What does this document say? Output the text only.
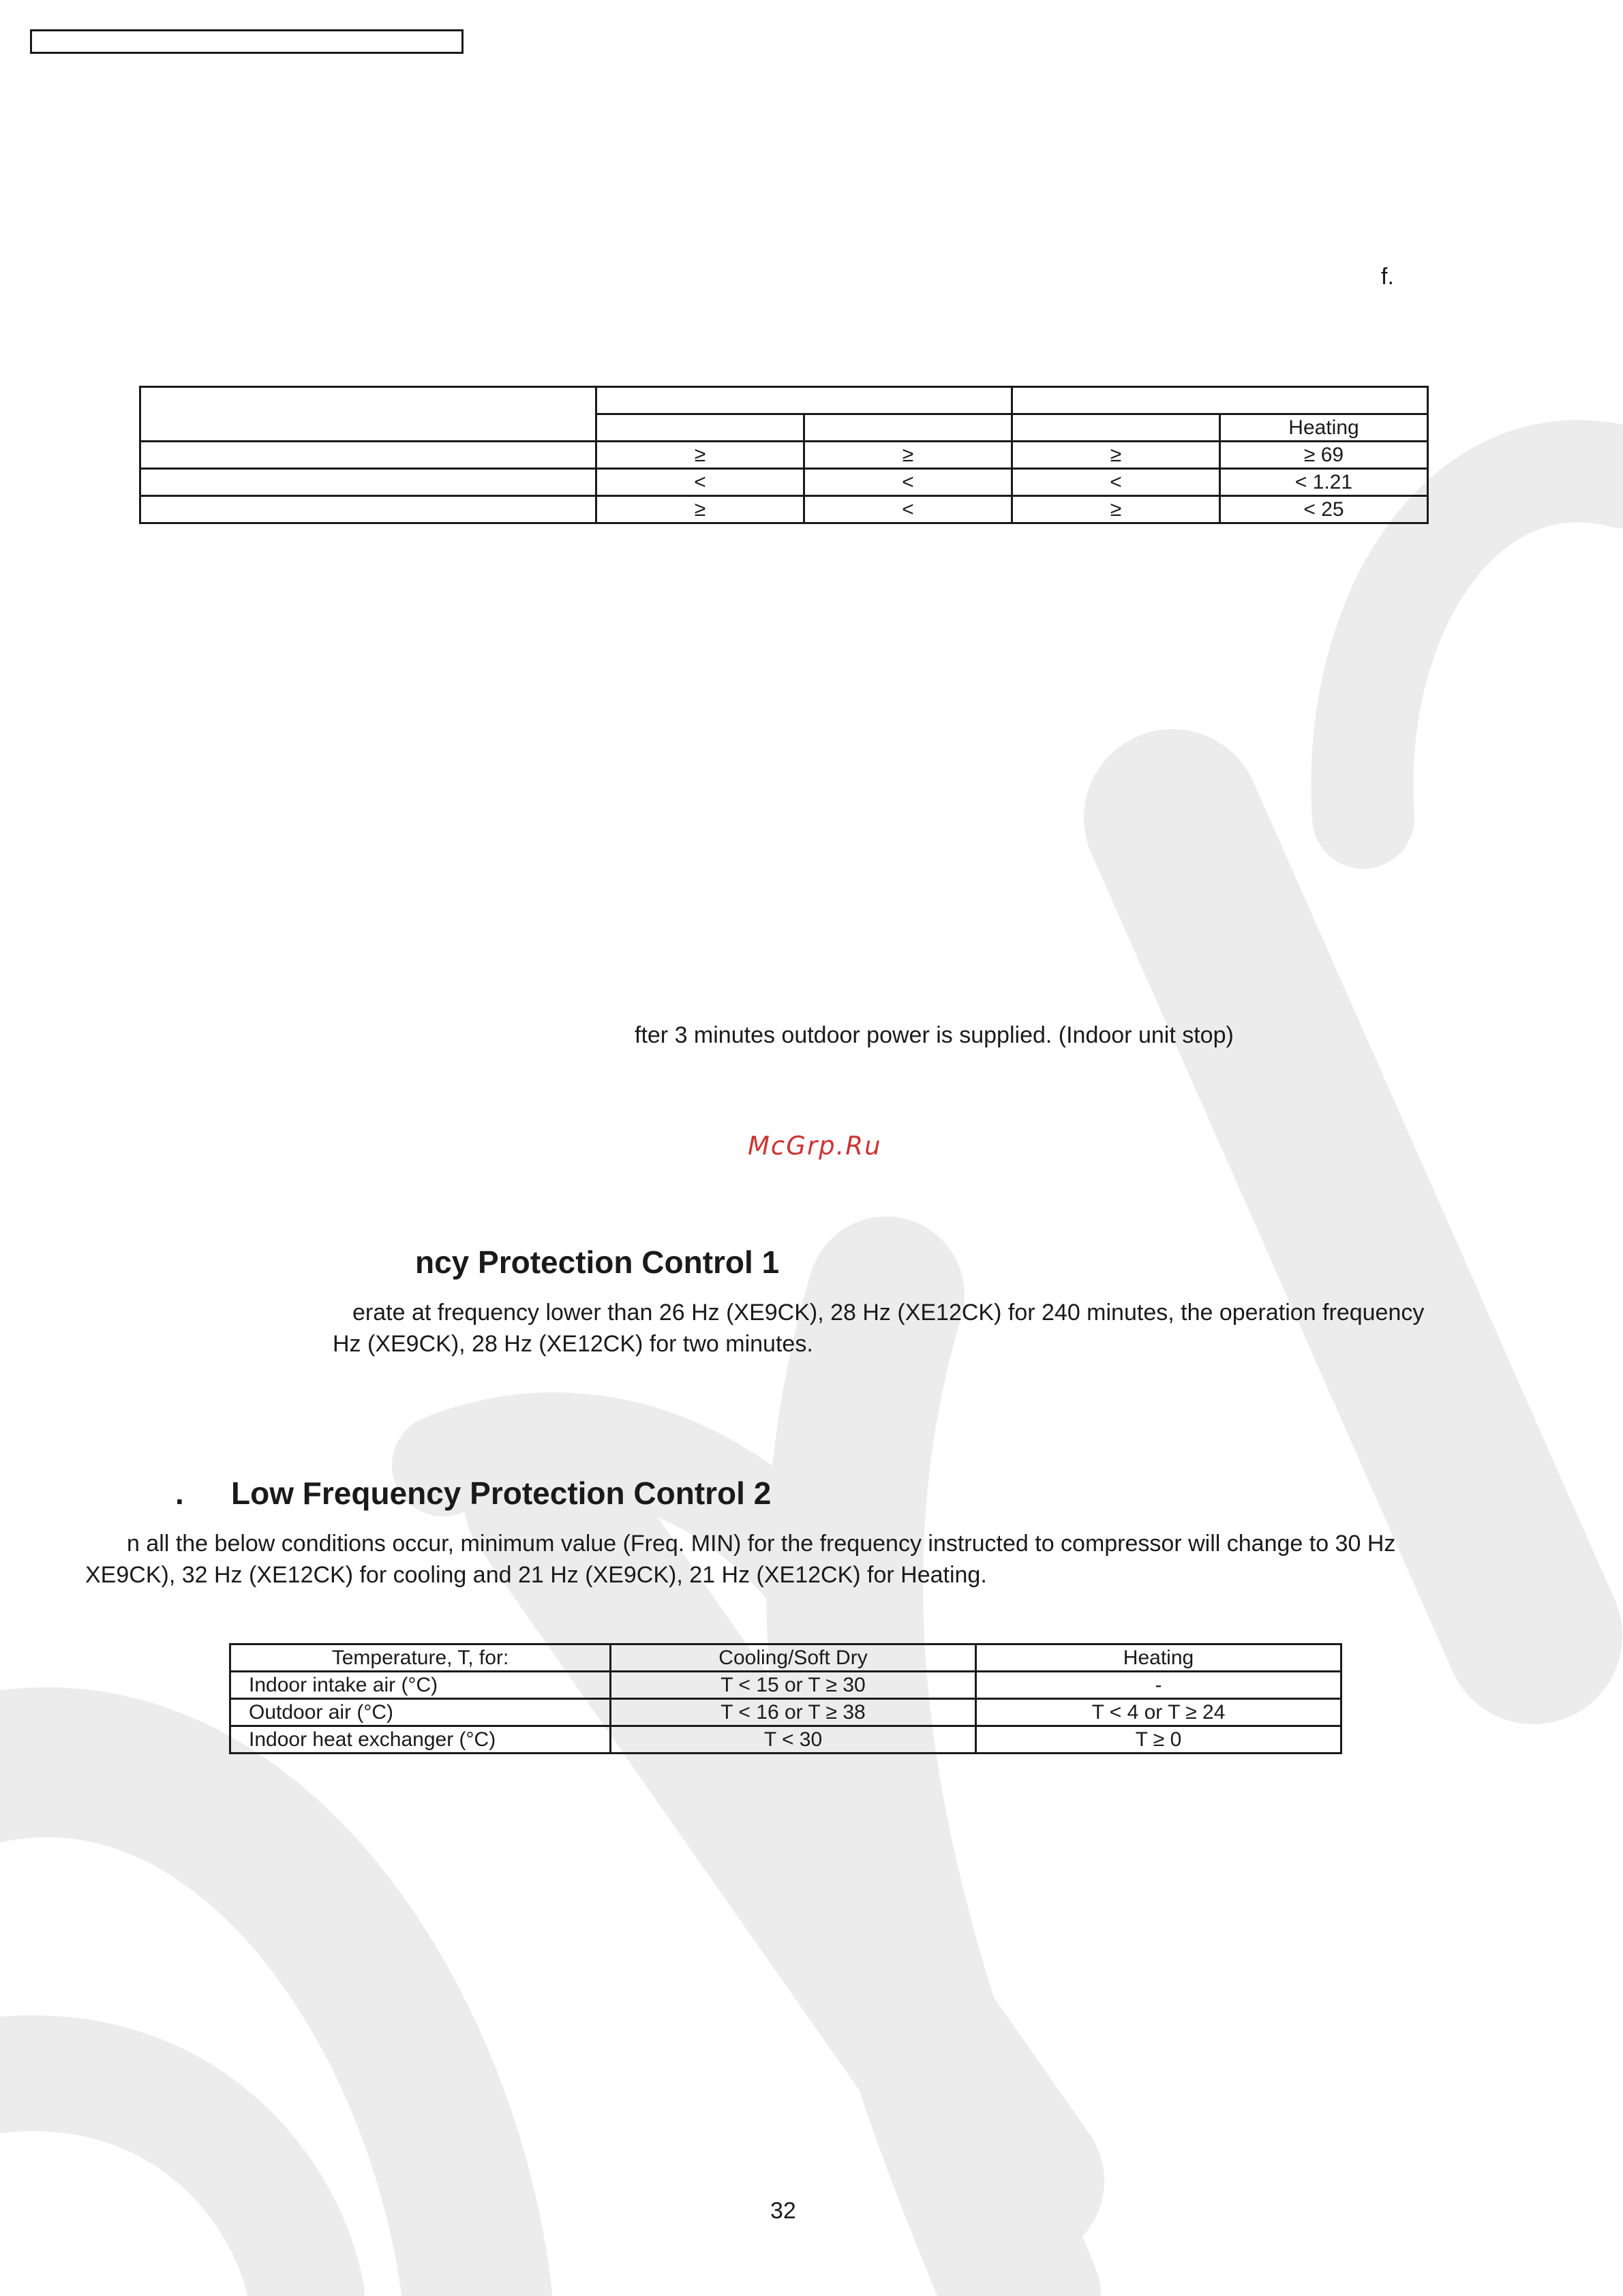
f.

				Heating
	≥	≥	≥	≥ 69
	<	<	<	< 1.21
	≥	<	≥	< 25
fter 3 minutes outdoor power is supplied. (Indoor unit stop)
McGrp.Ru
ncy Protection Control 1
erate at frequency lower than 26 Hz (XE9CK), 28 Hz (XE12CK) for 240 minutes, the operation frequency
Hz (XE9CK), 28 Hz (XE12CK) for two minutes.
. Low Frequency Protection Control 2
n all the below conditions occur, minimum value (Freq. MIN) for the frequency instructed to compressor will change to 30 Hz
XE9CK), 32 Hz (XE12CK) for cooling and 21 Hz (XE9CK), 21 Hz (XE12CK) for Heating.
Temperature, T, for:	Cooling/Soft Dry	Heating
Indoor intake air (°C)	T < 15 or T ≥ 30	-
Outdoor air (°C)	T < 16 or T ≥ 38	T < 4 or T ≥ 24
Indoor heat exchanger (°C)	T < 30	T ≥ 0
32
